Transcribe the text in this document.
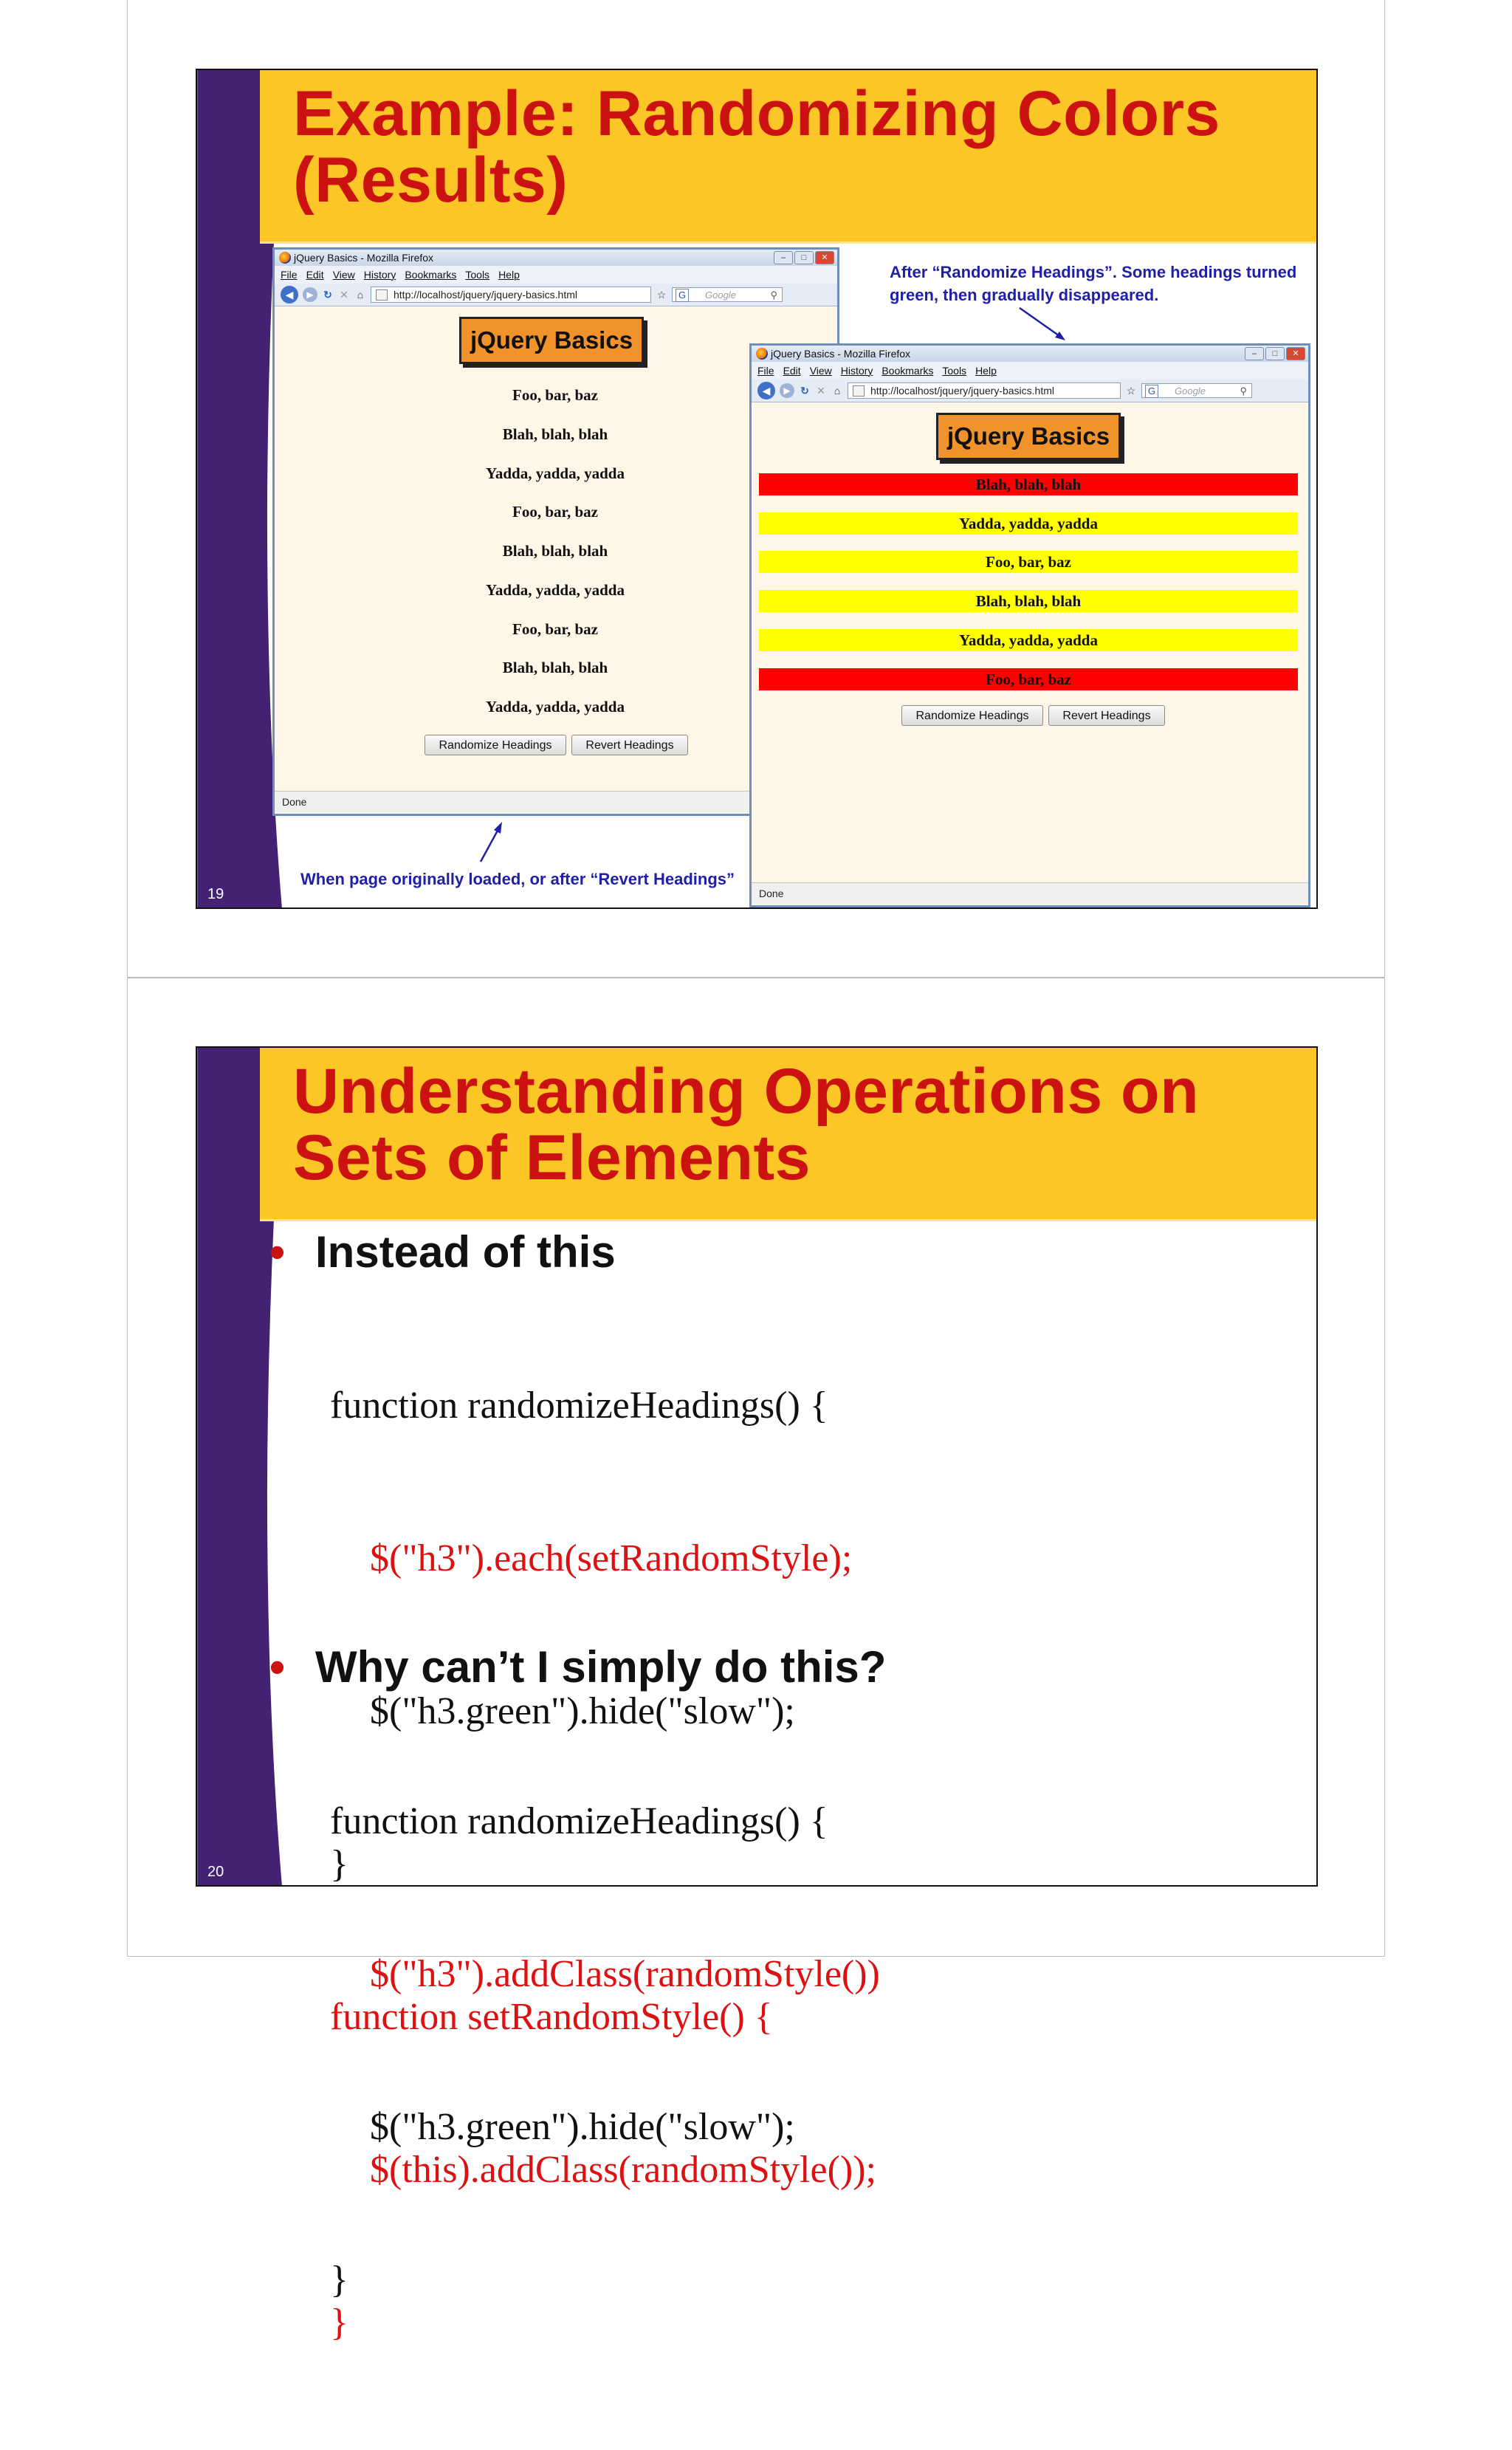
Example: Randomizing Colors
(Results)
jQuery Basics - Mozilla Firefox	–	□	✕
File Edit View History Bookmarks Tools Help
◀	▶ ↻ ✕ ⌂	http://localhost/jquery/jquery-basics.html	☆	G Google	⚲
jQuery Basics
Foo, bar, baz
Blah, blah, blah
Yadda, yadda, yadda
Foo, bar, baz
Blah, blah, blah
Yadda, yadda, yadda
Foo, bar, baz
Blah, blah, blah
Yadda, yadda, yadda
Randomize Headings	Revert Headings
Done
jQuery Basics - Mozilla Firefox	–	□	✕
File Edit View History Bookmarks Tools Help
◀	▶ ↻ ✕ ⌂	http://localhost/jquery/jquery-basics.html	☆	G Google	⚲
jQuery Basics
Blah, blah, blah
Yadda, yadda, yadda
Foo, bar, baz
Blah, blah, blah
Yadda, yadda, yadda
Foo, bar, baz
Randomize Headings	Revert Headings
Done
After “Randomize Headings”. Some headings turned
green, then gradually disappeared.
When page originally loaded, or after “Revert Headings”
19
Understanding Operations on
Sets of Elements
• Instead of this

function randomizeHeadings() {

$("h3").each(setRandomStyle);

$("h3.green").hide("slow");

}

function setRandomStyle() {

$(this).addClass(randomStyle());

}

• Why can’t I simply do this?

function randomizeHeadings() {

$("h3").addClass(randomStyle())

$("h3.green").hide("slow");

}

20
